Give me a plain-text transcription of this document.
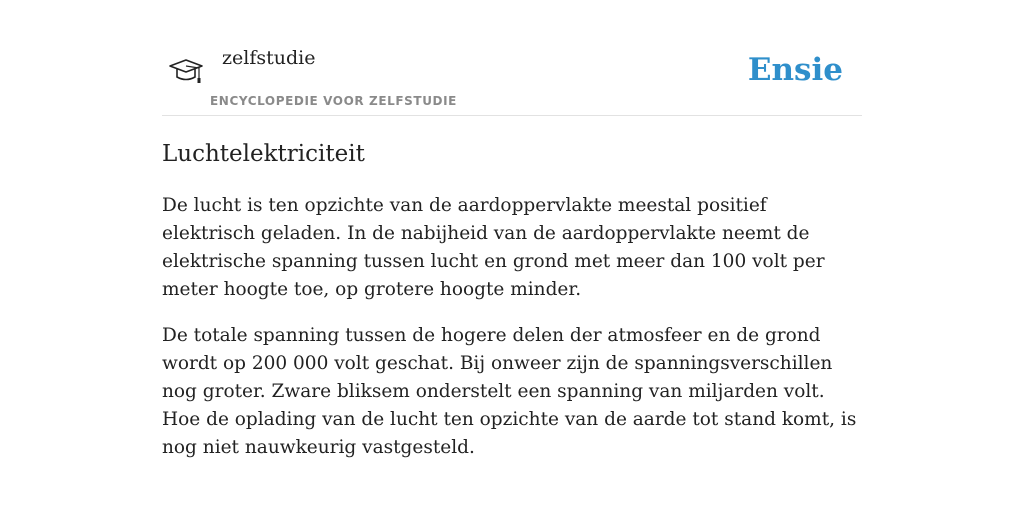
zelfstudie
ENCYCLOPEDIE VOOR ZELFSTUDIE
Ensie
Luchtelektriciteit

De lucht is ten opzichte van de aardoppervlakte meestal positief elektrisch geladen. In de nabijheid van de aardoppervlakte neemt de elektrische spanning tussen lucht en grond met meer dan 100 volt per meter hoogte toe, op grotere hoogte minder.

De totale spanning tussen de hogere delen der atmosfeer en de grond wordt op 200 000 volt geschat. Bij onweer zijn de spanningsverschillen nog groter. Zware bliksem onderstelt een spanning van miljarden volt. Hoe de oplading van de lucht ten opzichte van de aarde tot stand komt, is nog niet nauwkeurig vastgesteld.
